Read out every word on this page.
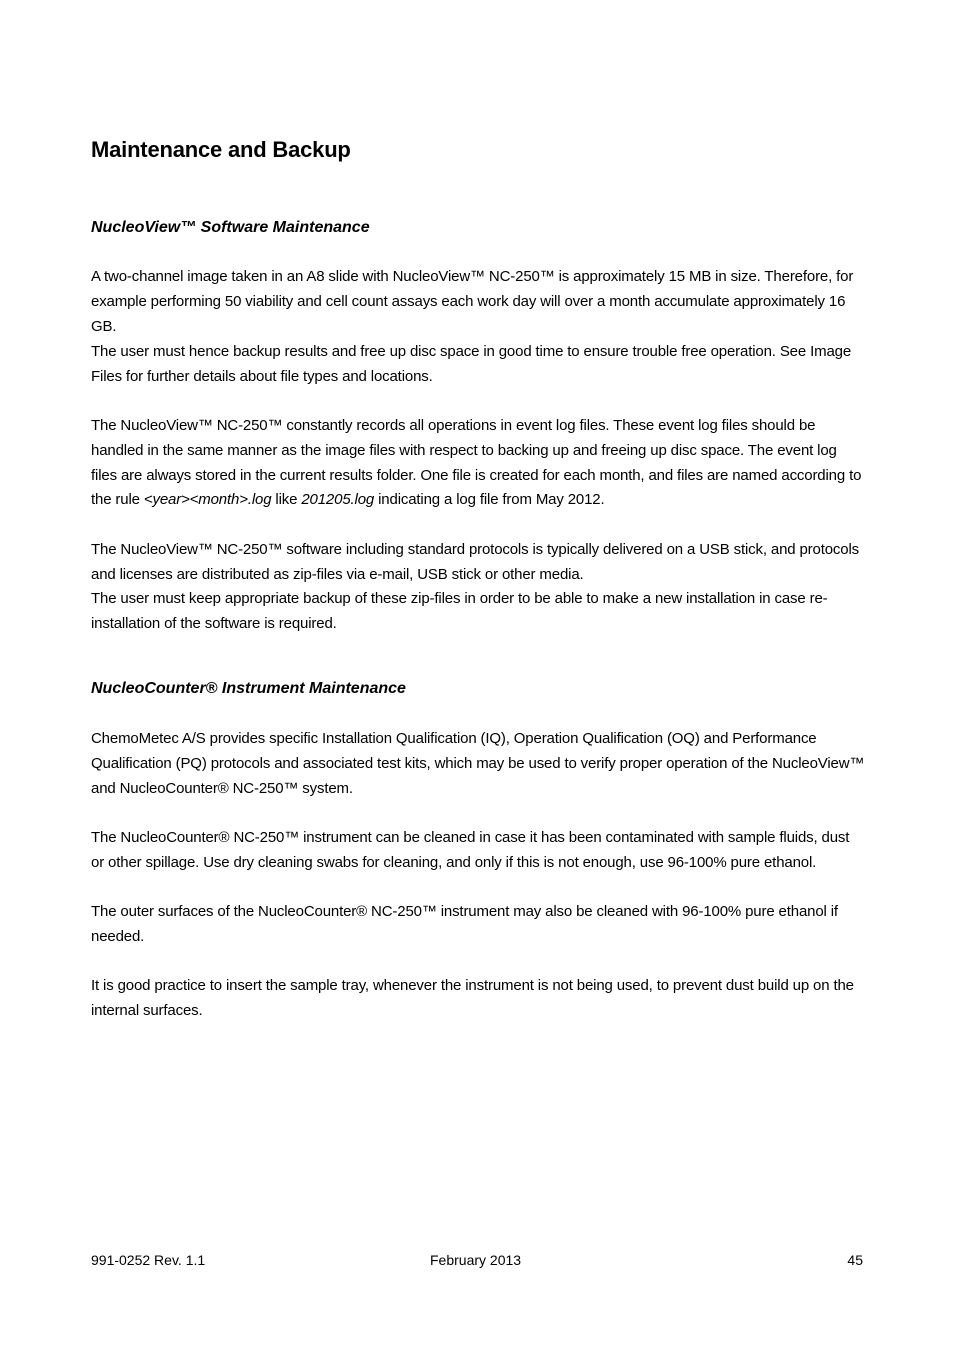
Maintenance and Backup
NucleoView™ Software Maintenance

A two-channel image taken in an A8 slide with NucleoView™ NC-250™ is approximately 15 MB in size. Therefore, for example performing 50 viability and cell count assays each work day will over a month accumulate approximately 16 GB.

The user must hence backup results and free up disc space in good time to ensure trouble free operation. See Image Files for further details about file types and locations.

The NucleoView™ NC-250™ constantly records all operations in event log files. These event log files should be handled in the same manner as the image files with respect to backing up and freeing up disc space. The event log files are always stored in the current results folder. One file is created for each month, and files are named according to the rule <year><month>.log like 201205.log indicating a log file from May 2012.

The NucleoView™ NC-250™ software including standard protocols is typically delivered on a USB stick, and protocols and licenses are distributed as zip-files via e-mail, USB stick or other media.

The user must keep appropriate backup of these zip-files in order to be able to make a new installation in case re-installation of the software is required.

NucleoCounter® Instrument Maintenance

ChemoMetec A/S provides specific Installation Qualification (IQ), Operation Qualification (OQ) and Performance Qualification (PQ) protocols and associated test kits, which may be used to verify proper operation of the NucleoView™ and NucleoCounter® NC-250™ system.

The NucleoCounter® NC-250™ instrument can be cleaned in case it has been contaminated with sample fluids, dust or other spillage. Use dry cleaning swabs for cleaning, and only if this is not enough, use 96-100% pure ethanol.

The outer surfaces of the NucleoCounter® NC-250™ instrument may also be cleaned with 96-100% pure ethanol if needed.

It is good practice to insert the sample tray, whenever the instrument is not being used, to prevent dust build up on the internal surfaces.

991-0252 Rev. 1.1	February 2013	45
